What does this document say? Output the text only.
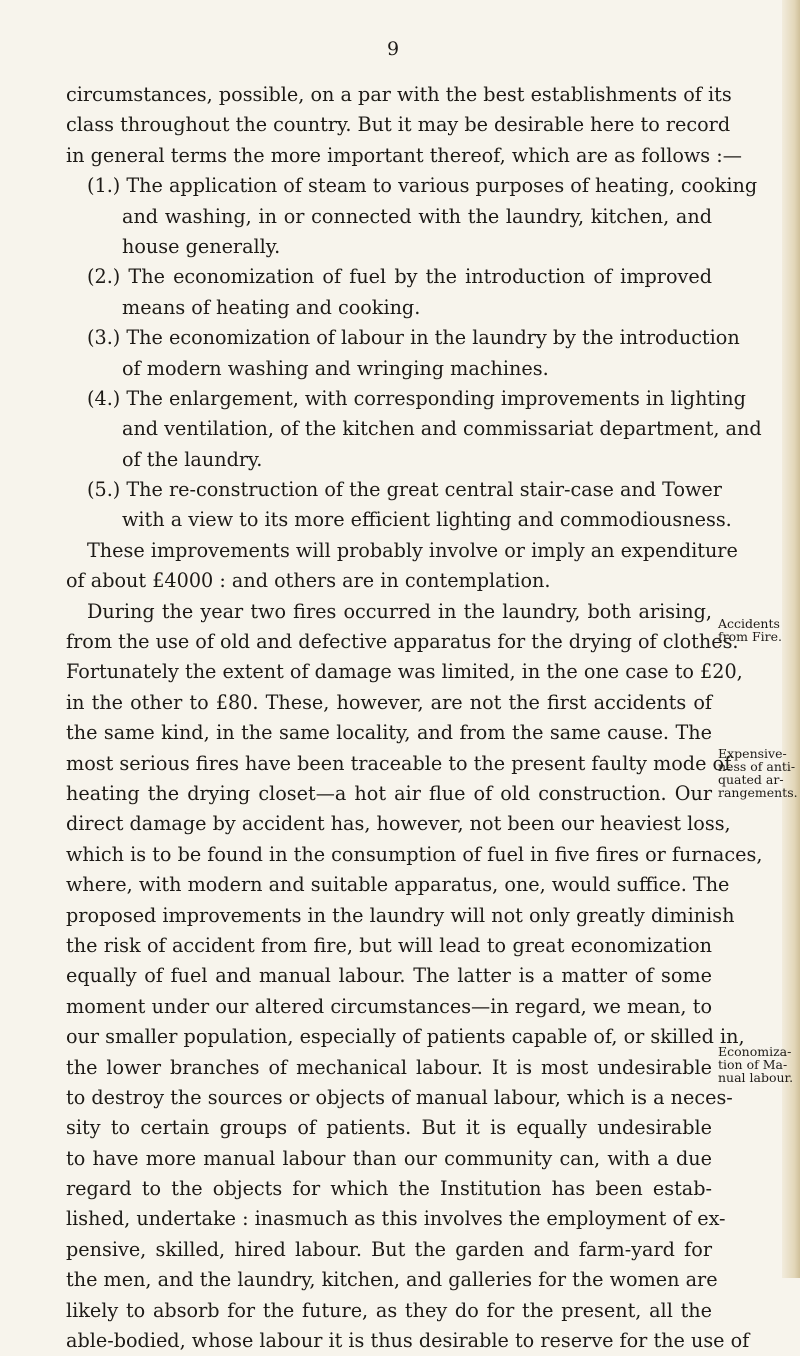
9
circumstances, possible, on a par with the best establishments of its
class throughout the country. But it may be desirable here to record
in general terms the more important thereof, which are as follows :—
(1.) The application of steam to various purposes of heating, cooking
and washing, in or connected with the laundry, kitchen, and
house generally.
(2.) The economization of fuel by the introduction of improved
means of heating and cooking.
(3.) The economization of labour in the laundry by the introduction
of modern washing and wringing machines.
(4.) The enlargement, with corresponding improvements in lighting
and ventilation, of the kitchen and commissariat department, and
of the laundry.
(5.) The re-construction of the great central stair-case and Tower
with a view to its more efficient lighting and commodiousness.
These improvements will probably involve or imply an expenditure
of about £4000 : and others are in contemplation.
During the year two fires occurred in the laundry, both arising,
from the use of old and defective apparatus for the drying of clothes.
Fortunately the extent of damage was limited, in the one case to £20,
in the other to £80. These, however, are not the first accidents of
the same kind, in the same locality, and from the same cause. The
most serious fires have been traceable to the present faulty mode of
heating the drying closet—a hot air flue of old construction. Our
direct damage by accident has, however, not been our heaviest loss,
which is to be found in the consumption of fuel in five fires or furnaces,
where, with modern and suitable apparatus, one, would suffice. The
proposed improvements in the laundry will not only greatly diminish
the risk of accident from fire, but will lead to great economization
equally of fuel and manual labour. The latter is a matter of some
moment under our altered circumstances—in regard, we mean, to
our smaller population, especially of patients capable of, or skilled in,
the lower branches of mechanical labour. It is most undesirable
to destroy the sources or objects of manual labour, which is a neces-
sity to certain groups of patients. But it is equally undesirable
to have more manual labour than our community can, with a due
regard to the objects for which the Institution has been estab-
lished, undertake : inasmuch as this involves the employment of ex-
pensive, skilled, hired labour. But the garden and farm-yard for
the men, and the laundry, kitchen, and galleries for the women are
likely to absorb for the future, as they do for the present, all the
able-bodied, whose labour it is thus desirable to reserve for the use of
Accidents from Fire.
Expensive-ness of anti-quated ar-rangements.
Economiza-tion of Ma-nual labour.
